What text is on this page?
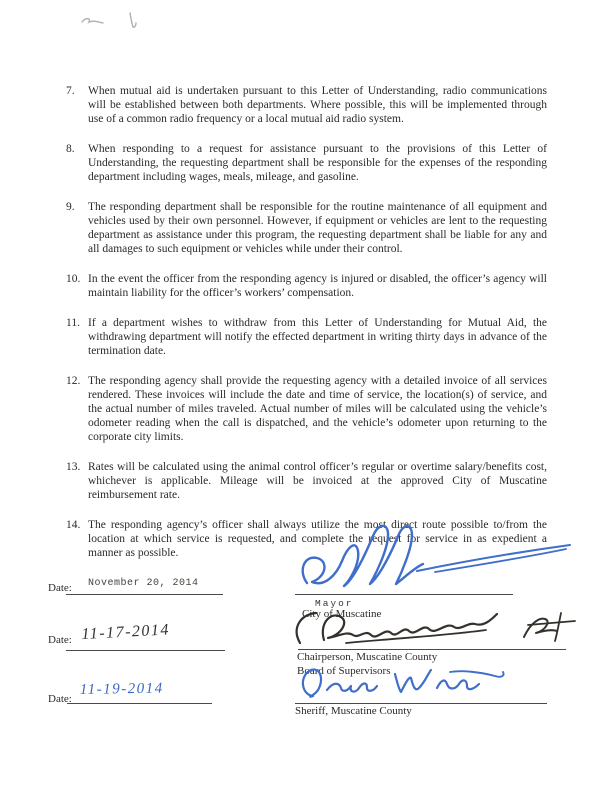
7.	When mutual aid is undertaken pursuant to this Letter of Understanding, radio communications will be established between both departments. Where possible, this will be implemented through use of a common radio frequency or a local mutual aid radio system.
8.	When responding to a request for assistance pursuant to the provisions of this Letter of Understanding, the requesting department shall be responsible for the expenses of the responding department including wages, meals, mileage, and gasoline.
9.	The responding department shall be responsible for the routine maintenance of all equipment and vehicles used by their own personnel. However, if equipment or vehicles are lent to the requesting department as assistance under this program, the requesting department shall be liable for any and all damages to such equipment or vehicles while under their control.
10. In the event the officer from the responding agency is injured or disabled, the officer’s agency will maintain liability for the officer’s workers’ compensation.
11. If a department wishes to withdraw from this Letter of Understanding for Mutual Aid, the withdrawing department will notify the effected department in writing thirty days in advance of the termination date.
12. The responding agency shall provide the requesting agency with a detailed invoice of all services rendered. These invoices will include the date and time of service, the location(s) of service, and the actual number of miles traveled. Actual number of miles will be calculated using the vehicle’s odometer reading when the call is dispatched, and the vehicle’s odometer upon returning to the corporate city limits.
13. Rates will be calculated using the animal control officer’s regular or overtime salary/benefits cost, whichever is applicable. Mileage will be invoiced at the approved City of Muscatine reimbursement rate.
14. The responding agency’s officer shall always utilize the most direct route possible to/from the location at which service is requested, and complete the request for service in as expedient a manner as possible.
Date: November 20, 2014
Mayor
City of Muscatine
Date: 11-17-2014
Chairperson, Muscatine County
Board of Supervisors
Date:
11-19-2014
Sheriff, Muscatine County
